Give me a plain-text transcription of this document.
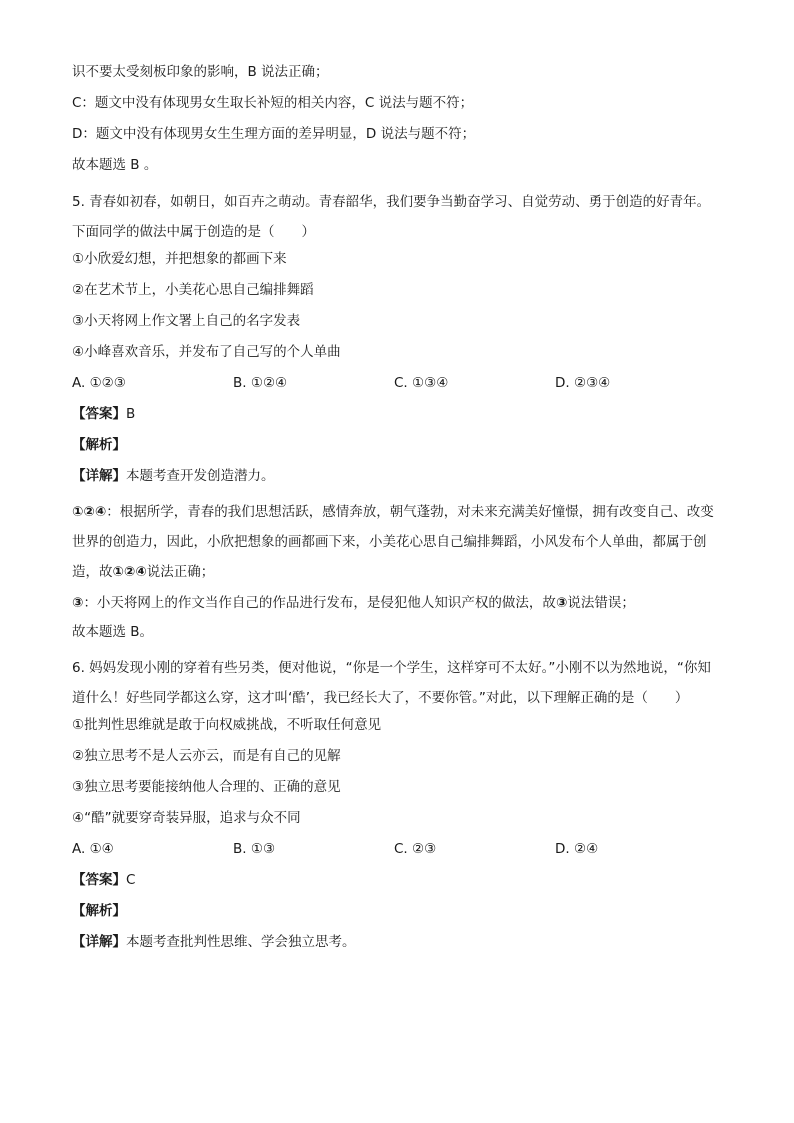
识不要太受刻板印象的影响，B 说法正确；
C：题文中没有体现男女生取长补短的相关内容，C 说法与题不符；
D：题文中没有体现男女生生理方面的差异明显，D 说法与题不符；
故本题选 B 。
5. 青春如初春，如朝日，如百卉之萌动。青春韶华，我们要争当勤奋学习、自觉劳动、勇于创造的好青年。下面同学的做法中属于创造的是（　　）
①小欣爱幻想，并把想象的都画下来
②在艺术节上，小美花心思自己编排舞蹈
③小天将网上作文署上自己的名字发表
④小峰喜欢音乐，并发布了自己写的个人单曲
A. ①②③	B. ①②④	C. ①③④	D. ②③④
【答案】B
【解析】
【详解】本题考查开发创造潜力。
①②④：根据所学，青春的我们思想活跃，感情奔放，朝气蓬勃，对未来充满美好憧憬，拥有改变自己、改变世界的创造力，因此，小欣把想象的画都画下来，小美花心思自己编排舞蹈，小风发布个人单曲，都属于创造，故①②④说法正确；
③：小天将网上的作文当作自己的作品进行发布，是侵犯他人知识产权的做法，故③说法错误；
故本题选 B。
6. 妈妈发现小刚的穿着有些另类，便对他说，“你是一个学生，这样穿可不太好。”小刚不以为然地说，“你知道什么！好些同学都这么穿，这才叫‘酷’，我已经长大了，不要你管。”对此，以下理解正确的是（　　）
①批判性思维就是敢于向权威挑战，不听取任何意见
②独立思考不是人云亦云，而是有自己的见解
③独立思考要能接纳他人合理的、正确的意见
④“酷”就要穿奇装异服，追求与众不同
A. ①④	B. ①③	C. ②③	D. ②④
【答案】C
【解析】
【详解】本题考查批判性思维、学会独立思考。
